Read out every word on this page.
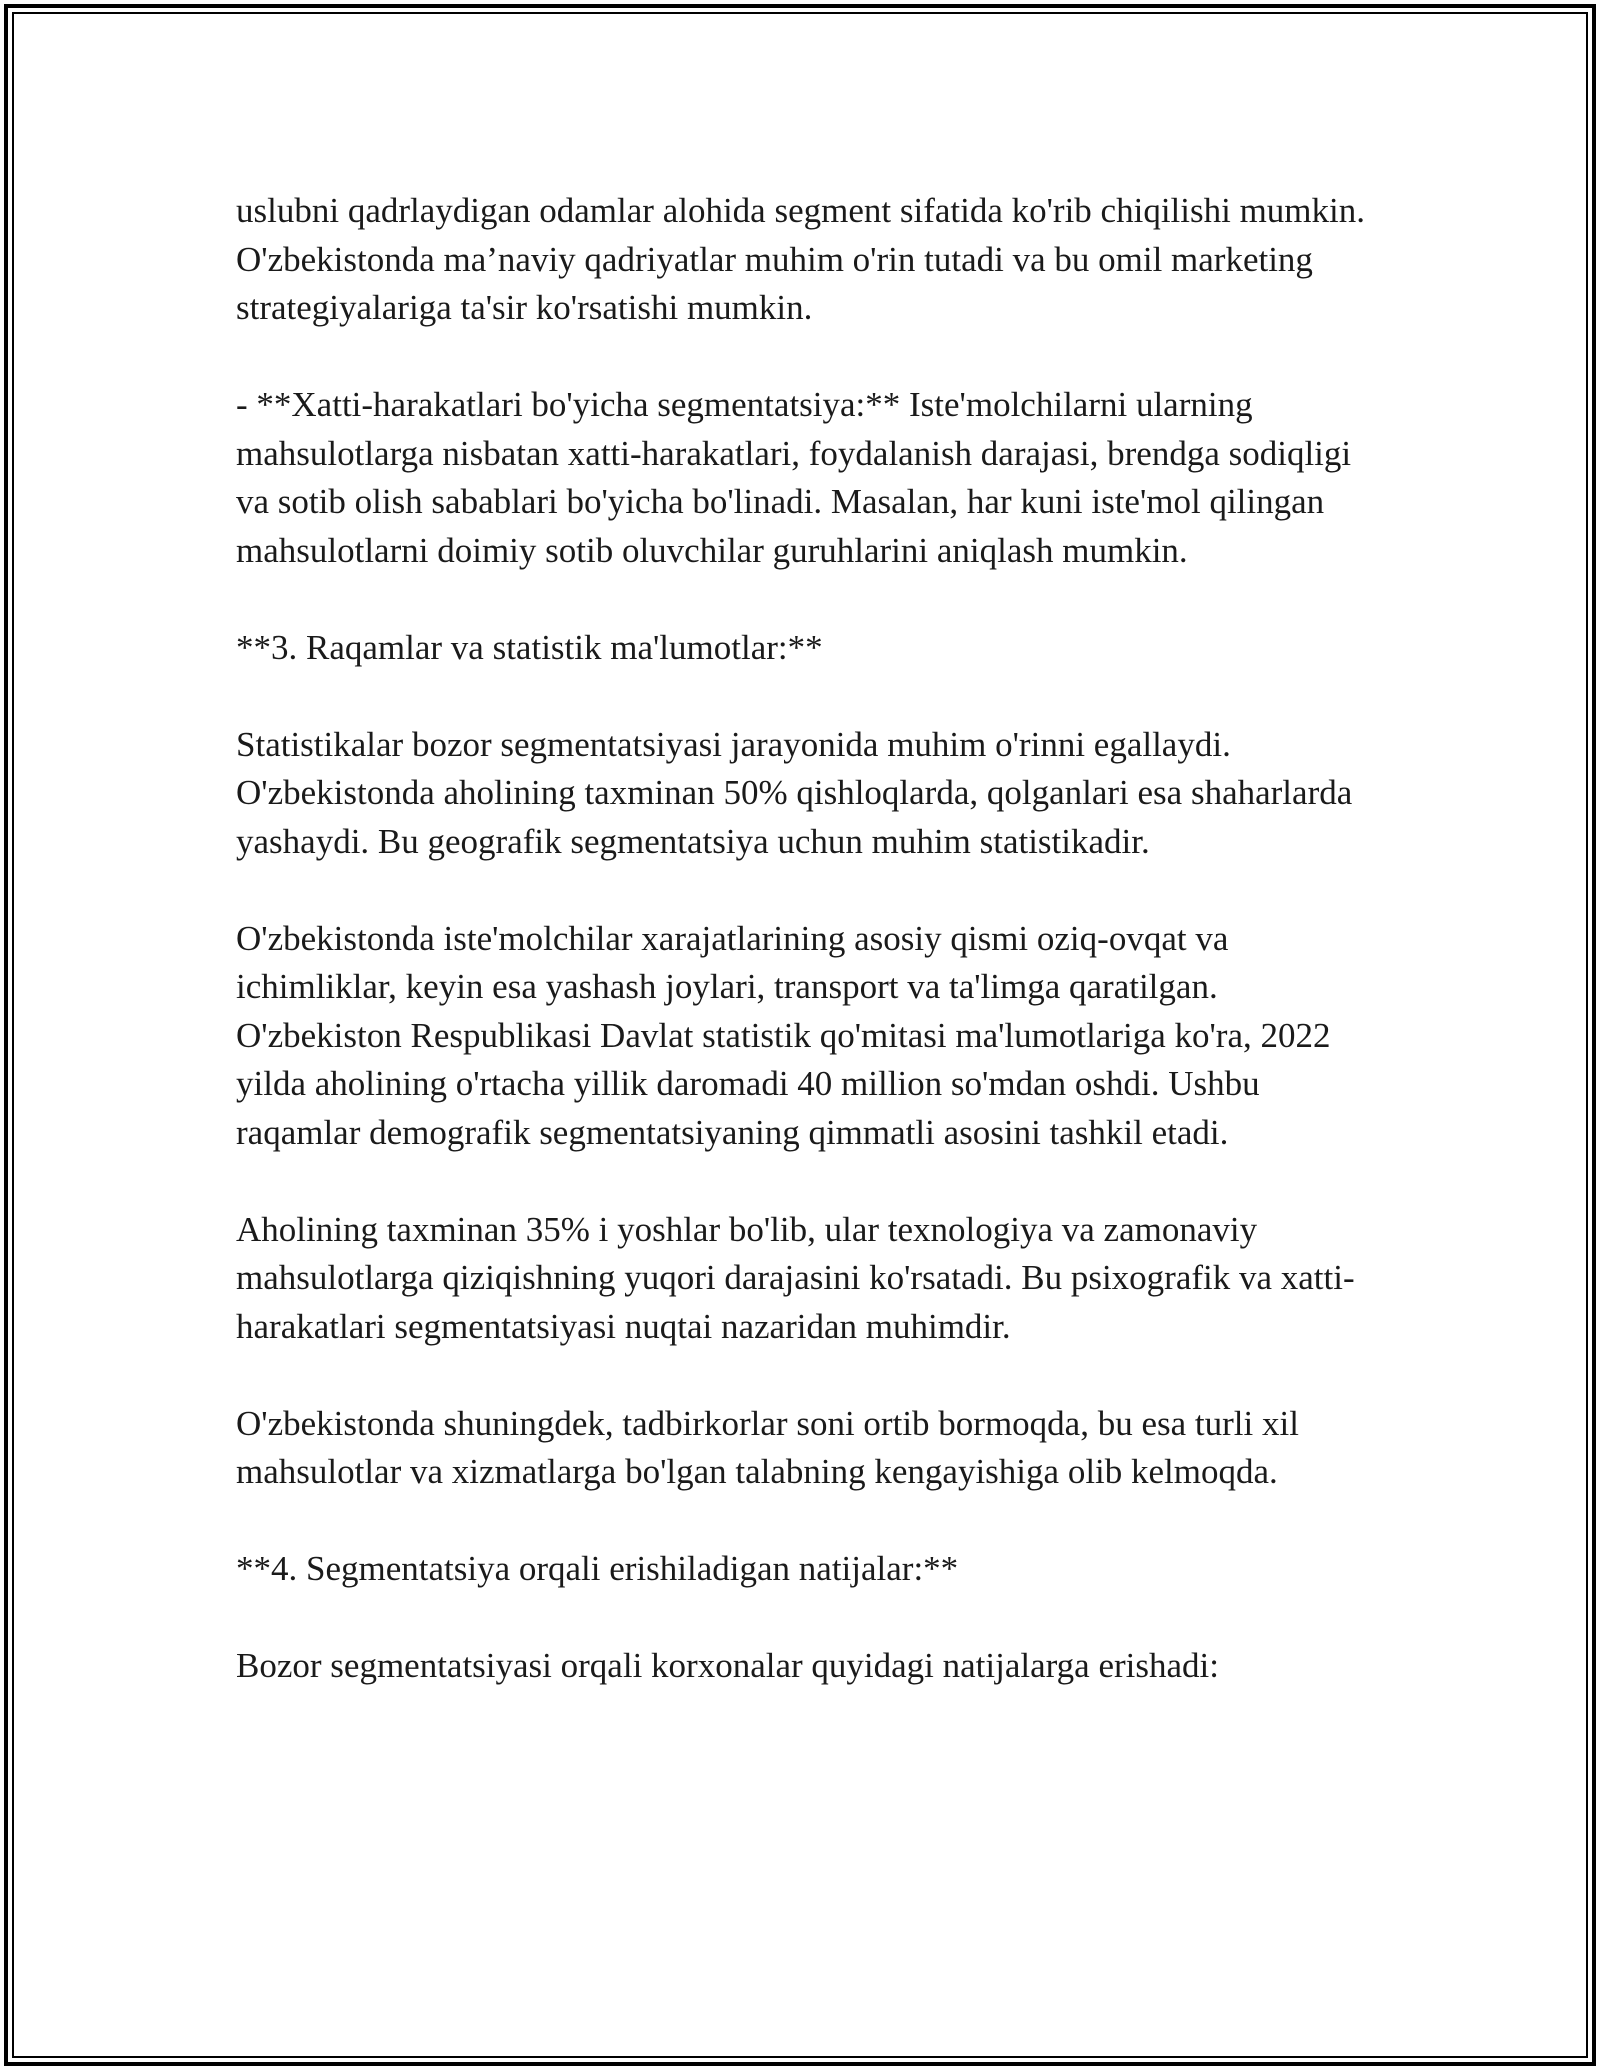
uslubni qadrlaydigan odamlar alohida segment sifatida ko'rib chiqilishi mumkin. O'zbekistonda ma’naviy qadriyatlar muhim o'rin tutadi va bu omil marketing strategiyalariga ta'sir ko'rsatishi mumkin.

- **Xatti-harakatlari bo'yicha segmentatsiya:** Iste'molchilarni ularning mahsulotlarga nisbatan xatti-harakatlari, foydalanish darajasi, brendga sodiqligi va sotib olish sabablari bo'yicha bo'linadi. Masalan, har kuni iste'mol qilingan mahsulotlarni doimiy sotib oluvchilar guruhlarini aniqlash mumkin.

**3. Raqamlar va statistik ma'lumotlar:**

Statistikalar bozor segmentatsiyasi jarayonida muhim o'rinni egallaydi. O'zbekistonda aholining taxminan 50% qishloqlarda, qolganlari esa shaharlarda yashaydi. Bu geografik segmentatsiya uchun muhim statistikadir.

O'zbekistonda iste'molchilar xarajatlarining asosiy qismi oziq-ovqat va ichimliklar, keyin esa yashash joylari, transport va ta'limga qaratilgan. O'zbekiston Respublikasi Davlat statistik qo'mitasi ma'lumotlariga ko'ra, 2022 yilda aholining o'rtacha yillik daromadi 40 million so'mdan oshdi. Ushbu raqamlar demografik segmentatsiyaning qimmatli asosini tashkil etadi.

Aholining taxminan 35% i yoshlar bo'lib, ular texnologiya va zamonaviy mahsulotlarga qiziqishning yuqori darajasini ko'rsatadi. Bu psixografik va xatti-harakatlari segmentatsiyasi nuqtai nazaridan muhimdir.

O'zbekistonda shuningdek, tadbirkorlar soni ortib bormoqda, bu esa turli xil mahsulotlar va xizmatlarga bo'lgan talabning kengayishiga olib kelmoqda.

**4. Segmentatsiya orqali erishiladigan natijalar:**

Bozor segmentatsiyasi orqali korxonalar quyidagi natijalarga erishadi:
